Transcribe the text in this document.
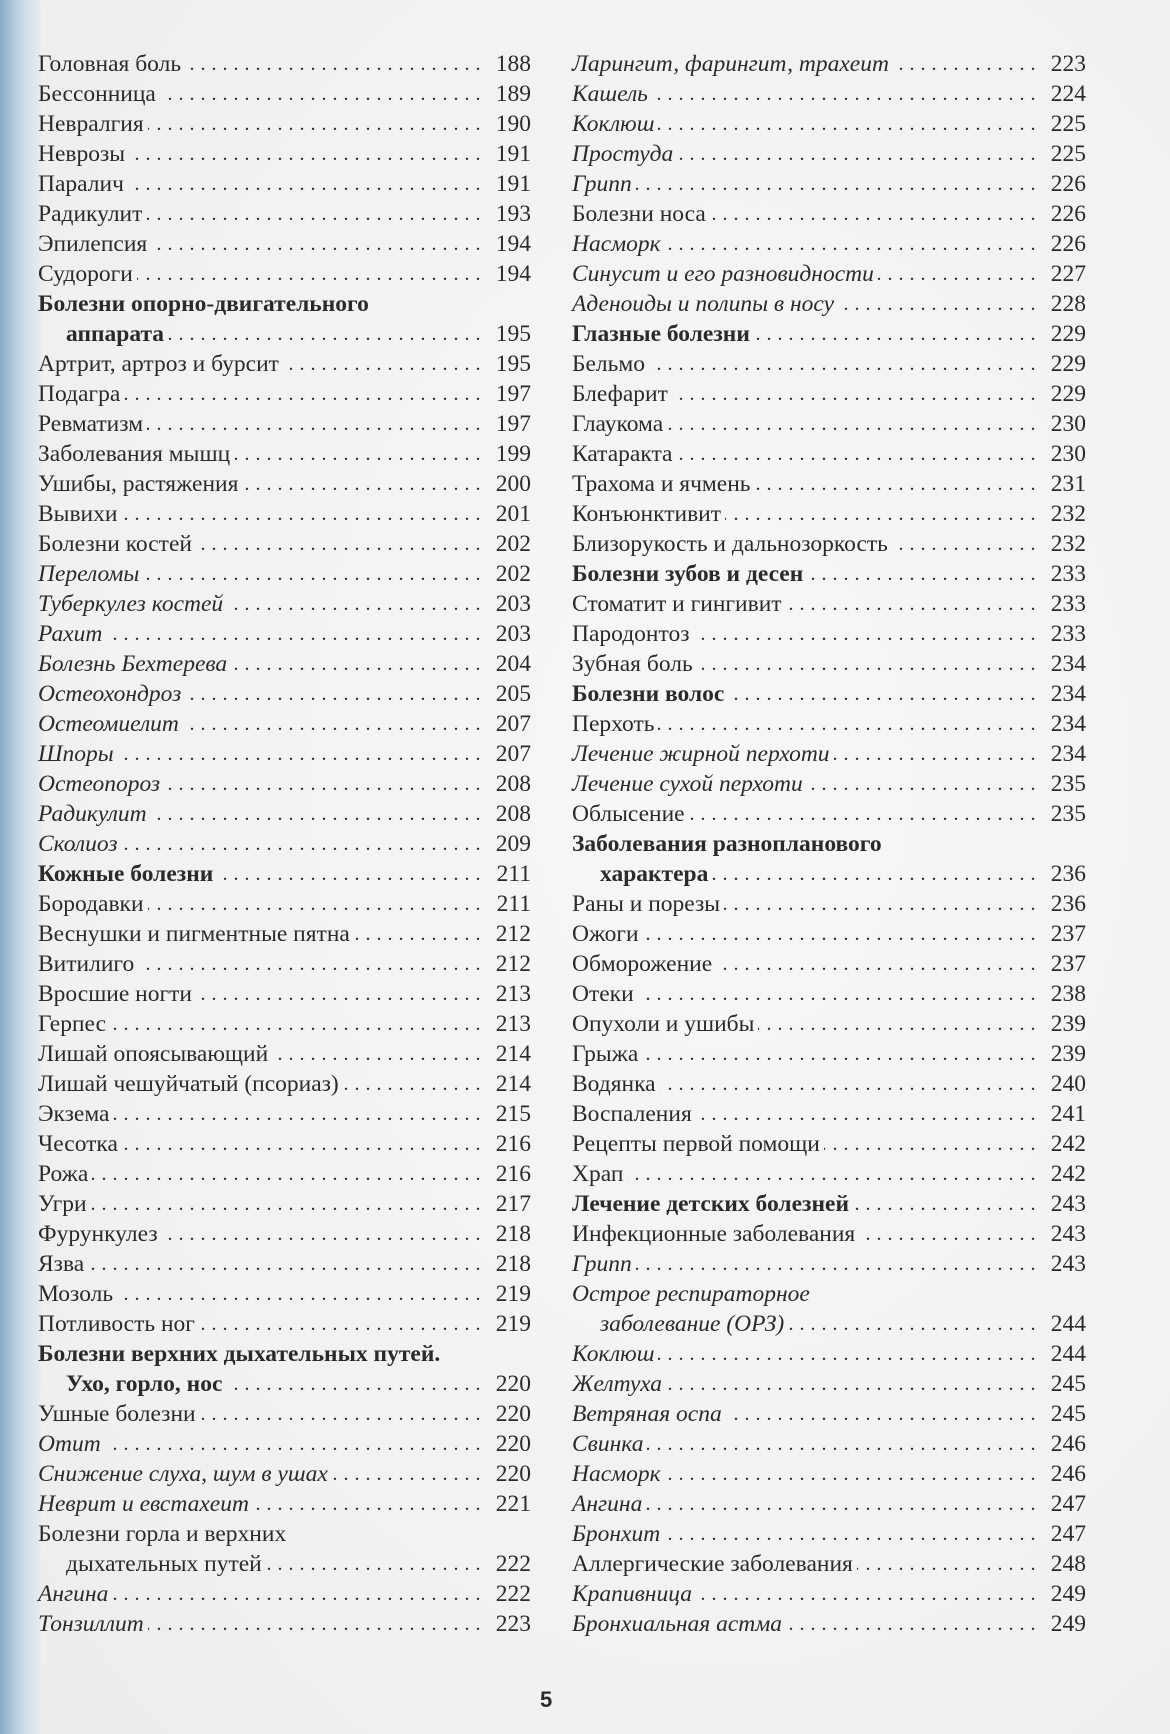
Головная боль . . .	188
Бессонница . . .	189
Невралгия . . .	190
Неврозы . . .	191
Паралич . . .	191
Радикулит . . .	193
Эпилепсия . . .	194
Судороги . . .	194
Болезни опорно-двигательного
аппарата . . .	195
Артрит, артроз и бурсит . . .	195
Подагра . . .	197
Ревматизм . . .	197
Заболевания мышц . . .	199
Ушибы, растяжения . . .	200
Вывихи . . .	201
Болезни костей . . .	202
Переломы . . .	202
Туберкулез костей . . .	203
Рахит . . .	203
Болезнь Бехтерева . . .	204
Остеохондроз . . .	205
Остеомиелит . . .	207
Шпоры . . .	207
Остеопороз . . .	208
Радикулит . . .	208
Сколиоз . . .	209
Кожные болезни . . .	211
Бородавки . . .	211
Веснушки и пигментные пятна . . .	212
Витилиго . . .	212
Вросшие ногти . . .	213
Герпес . . .	213
Лишай опоясывающий . . .	214
Лишай чешуйчатый (псориаз) . . .	214
Экзема . . .	215
Чесотка . . .	216
Рожа . . .	216
Угри . . .	217
Фурункулез . . .	218
Язва . . .	218
Мозоль . . .	219
Потливость ног . . .	219
Болезни верхних дыхательных путей.
Ухо, горло, нос . . .	220
Ушные болезни . . .	220
Отит . . .	220
Снижение слуха, шум в ушах . . .	220
Неврит и евстахеит . . .	221
Болезни горла и верхних
дыхательных путей . . .	222
Ангина . . .	222
Тонзиллит . . .	223
Ларингит, фарингит, трахеит . . .	223
Кашель . . .	224
Коклюш . . .	225
Простуда . . .	225
Грипп . . .	226
Болезни носа . . .	226
Насморк . . .	226
Синусит и его разновидности . . .	227
Аденоиды и полипы в носу . . .	228
Глазные болезни . . .	229
Бельмо . . .	229
Блефарит . . .	229
Глаукома . . .	230
Катаракта . . .	230
Трахома и ячмень . . .	231
Конъюнктивит . . .	232
Близорукость и дальнозоркость . . .	232
Болезни зубов и десен . . .	233
Стоматит и гингивит . . .	233
Пародонтоз . . .	233
Зубная боль . . .	234
Болезни волос . . .	234
Перхоть . . .	234
Лечение жирной перхоти . . .	234
Лечение сухой перхоти . . .	235
Облысение . . .	235
Заболевания разнопланового
характера . . .	236
Раны и порезы . . .	236
Ожоги . . .	237
Обморожение . . .	237
Отеки . . .	238
Опухоли и ушибы . . .	239
Грыжа . . .	239
Водянка . . .	240
Воспаления . . .	241
Рецепты первой помощи . . .	242
Храп . . .	242
Лечение детских болезней . . .	243
Инфекционные заболевания . . .	243
Грипп . . .	243
Острое респираторное
заболевание (ОРЗ) . . .	244
Коклюш . . .	244
Желтуха . . .	245
Ветряная оспа . . .	245
Свинка . . .	246
Насморк . . .	246
Ангина . . .	247
Бронхит . . .	247
Аллергические заболевания . . .	248
Крапивница . . .	249
Бронхиальная астма . . .	249
5
